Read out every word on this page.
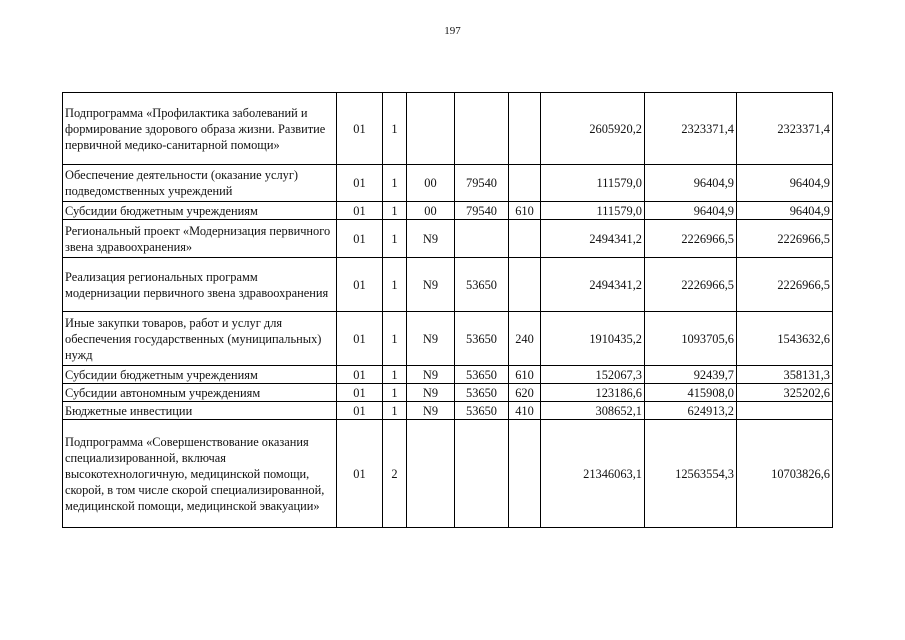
197
Подпрограмма «Профилактика заболеваний и формирование здорового образа жизни. Развитие первичной медико-санитарной помощи»	01	1				2605920,2	2323371,4	2323371,4
Обеспечение деятельности (оказание услуг) подведомственных учреждений	01	1	00	79540		111579,0	96404,9	96404,9
Субсидии бюджетным учреждениям	01	1	00	79540	610	111579,0	96404,9	96404,9
Региональный проект «Модернизация первичного звена здравоохранения»	01	1	N9			2494341,2	2226966,5	2226966,5
Реализация региональных программ модернизации первичного звена здравоохранения	01	1	N9	53650		2494341,2	2226966,5	2226966,5
Иные закупки товаров, работ и услуг для обеспечения государственных (муниципальных) нужд	01	1	N9	53650	240	1910435,2	1093705,6	1543632,6
Субсидии бюджетным учреждениям	01	1	N9	53650	610	152067,3	92439,7	358131,3
Субсидии автономным учреждениям	01	1	N9	53650	620	123186,6	415908,0	325202,6
Бюджетные инвестиции	01	1	N9	53650	410	308652,1	624913,2	
Подпрограмма «Совершенствование оказания специализированной, включая высокотехнологичную, медицинской помощи, скорой, в том числе скорой специализированной, медицинской помощи, медицинской эвакуации»	01	2				21346063,1	12563554,3	10703826,6
